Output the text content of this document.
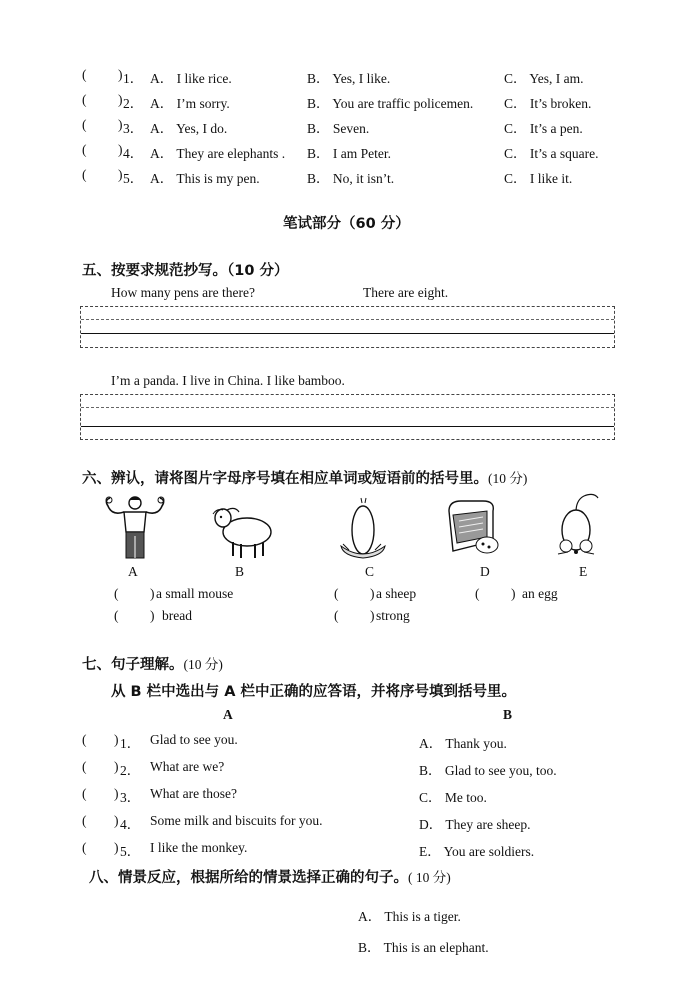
( ) 1． A． I like rice.	B． Yes, I like.	C． Yes, I am.
( ) 2． A． I’m sorry.	B． You are traffic policemen. C． It’s broken.
( ) 3． A． Yes, I do.	B． Seven.	C． It’s a pen.
( ) 4． A． They are elephants . B． I am Peter.	C． It’s a square.
( ) 5． A． This is my pen.	B． No, it isn’t.	C． I like it.
笔试部分（60 分）
五、按要求规范抄写。（10 分）
How many pens are there?	There are eight.
I’m a panda. I live in China. I like bamboo.
六、辨认，请将图片字母序号填在相应单词或短语前的括号里。(10 分)
A	B	C	D	E
( ) a small mouse	( ) a sheep	( ) an egg
( ) bread	( ) strong
七、句子理解。(10 分)
从 B 栏中选出与 A 栏中正确的应答语，并将序号填到括号里。
A	B
( ) 1． Glad to see you.	A． Thank you.
( ) 2． What are we?	B． Glad to see you, too.
( ) 3． What are those?	C． Me too.
( ) 4． Some milk and biscuits for you.	D． They are sheep.
( ) 5． I like the monkey.	E． You are soldiers.
八、情景反应，根据所给的情景选择正确的句子。( 10 分)
A． This is a tiger.
B． This is an elephant.
